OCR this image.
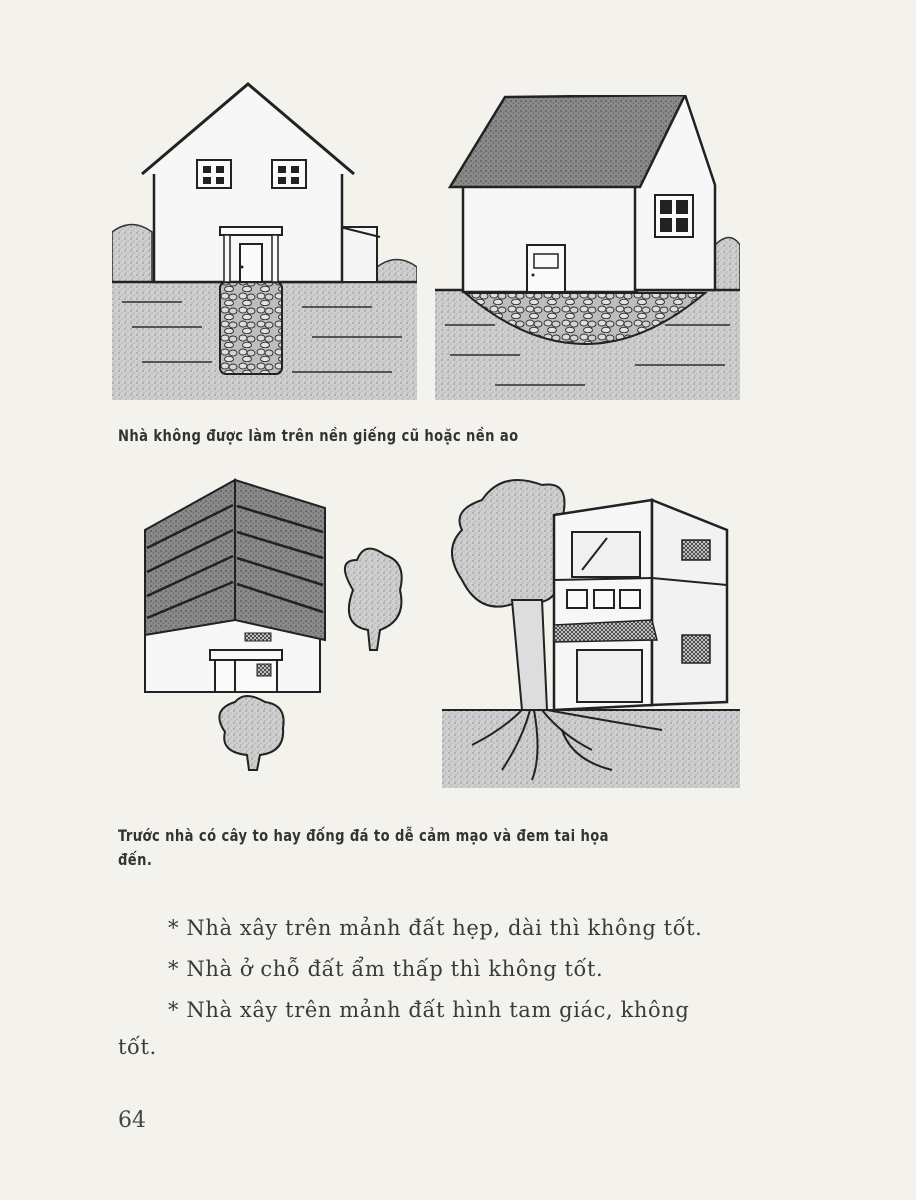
Nhà không được làm trên nền giếng cũ hoặc nền ao
Trước nhà có cây to hay đống đá to dễ cảm mạo và đem tai họa
đến.
* Nhà xây trên mảnh đất hẹp, dài thì không tốt.
* Nhà ở chỗ đất ẩm thấp thì không tốt.
* Nhà xây trên mảnh đất hình tam giác, không
tốt.
64
